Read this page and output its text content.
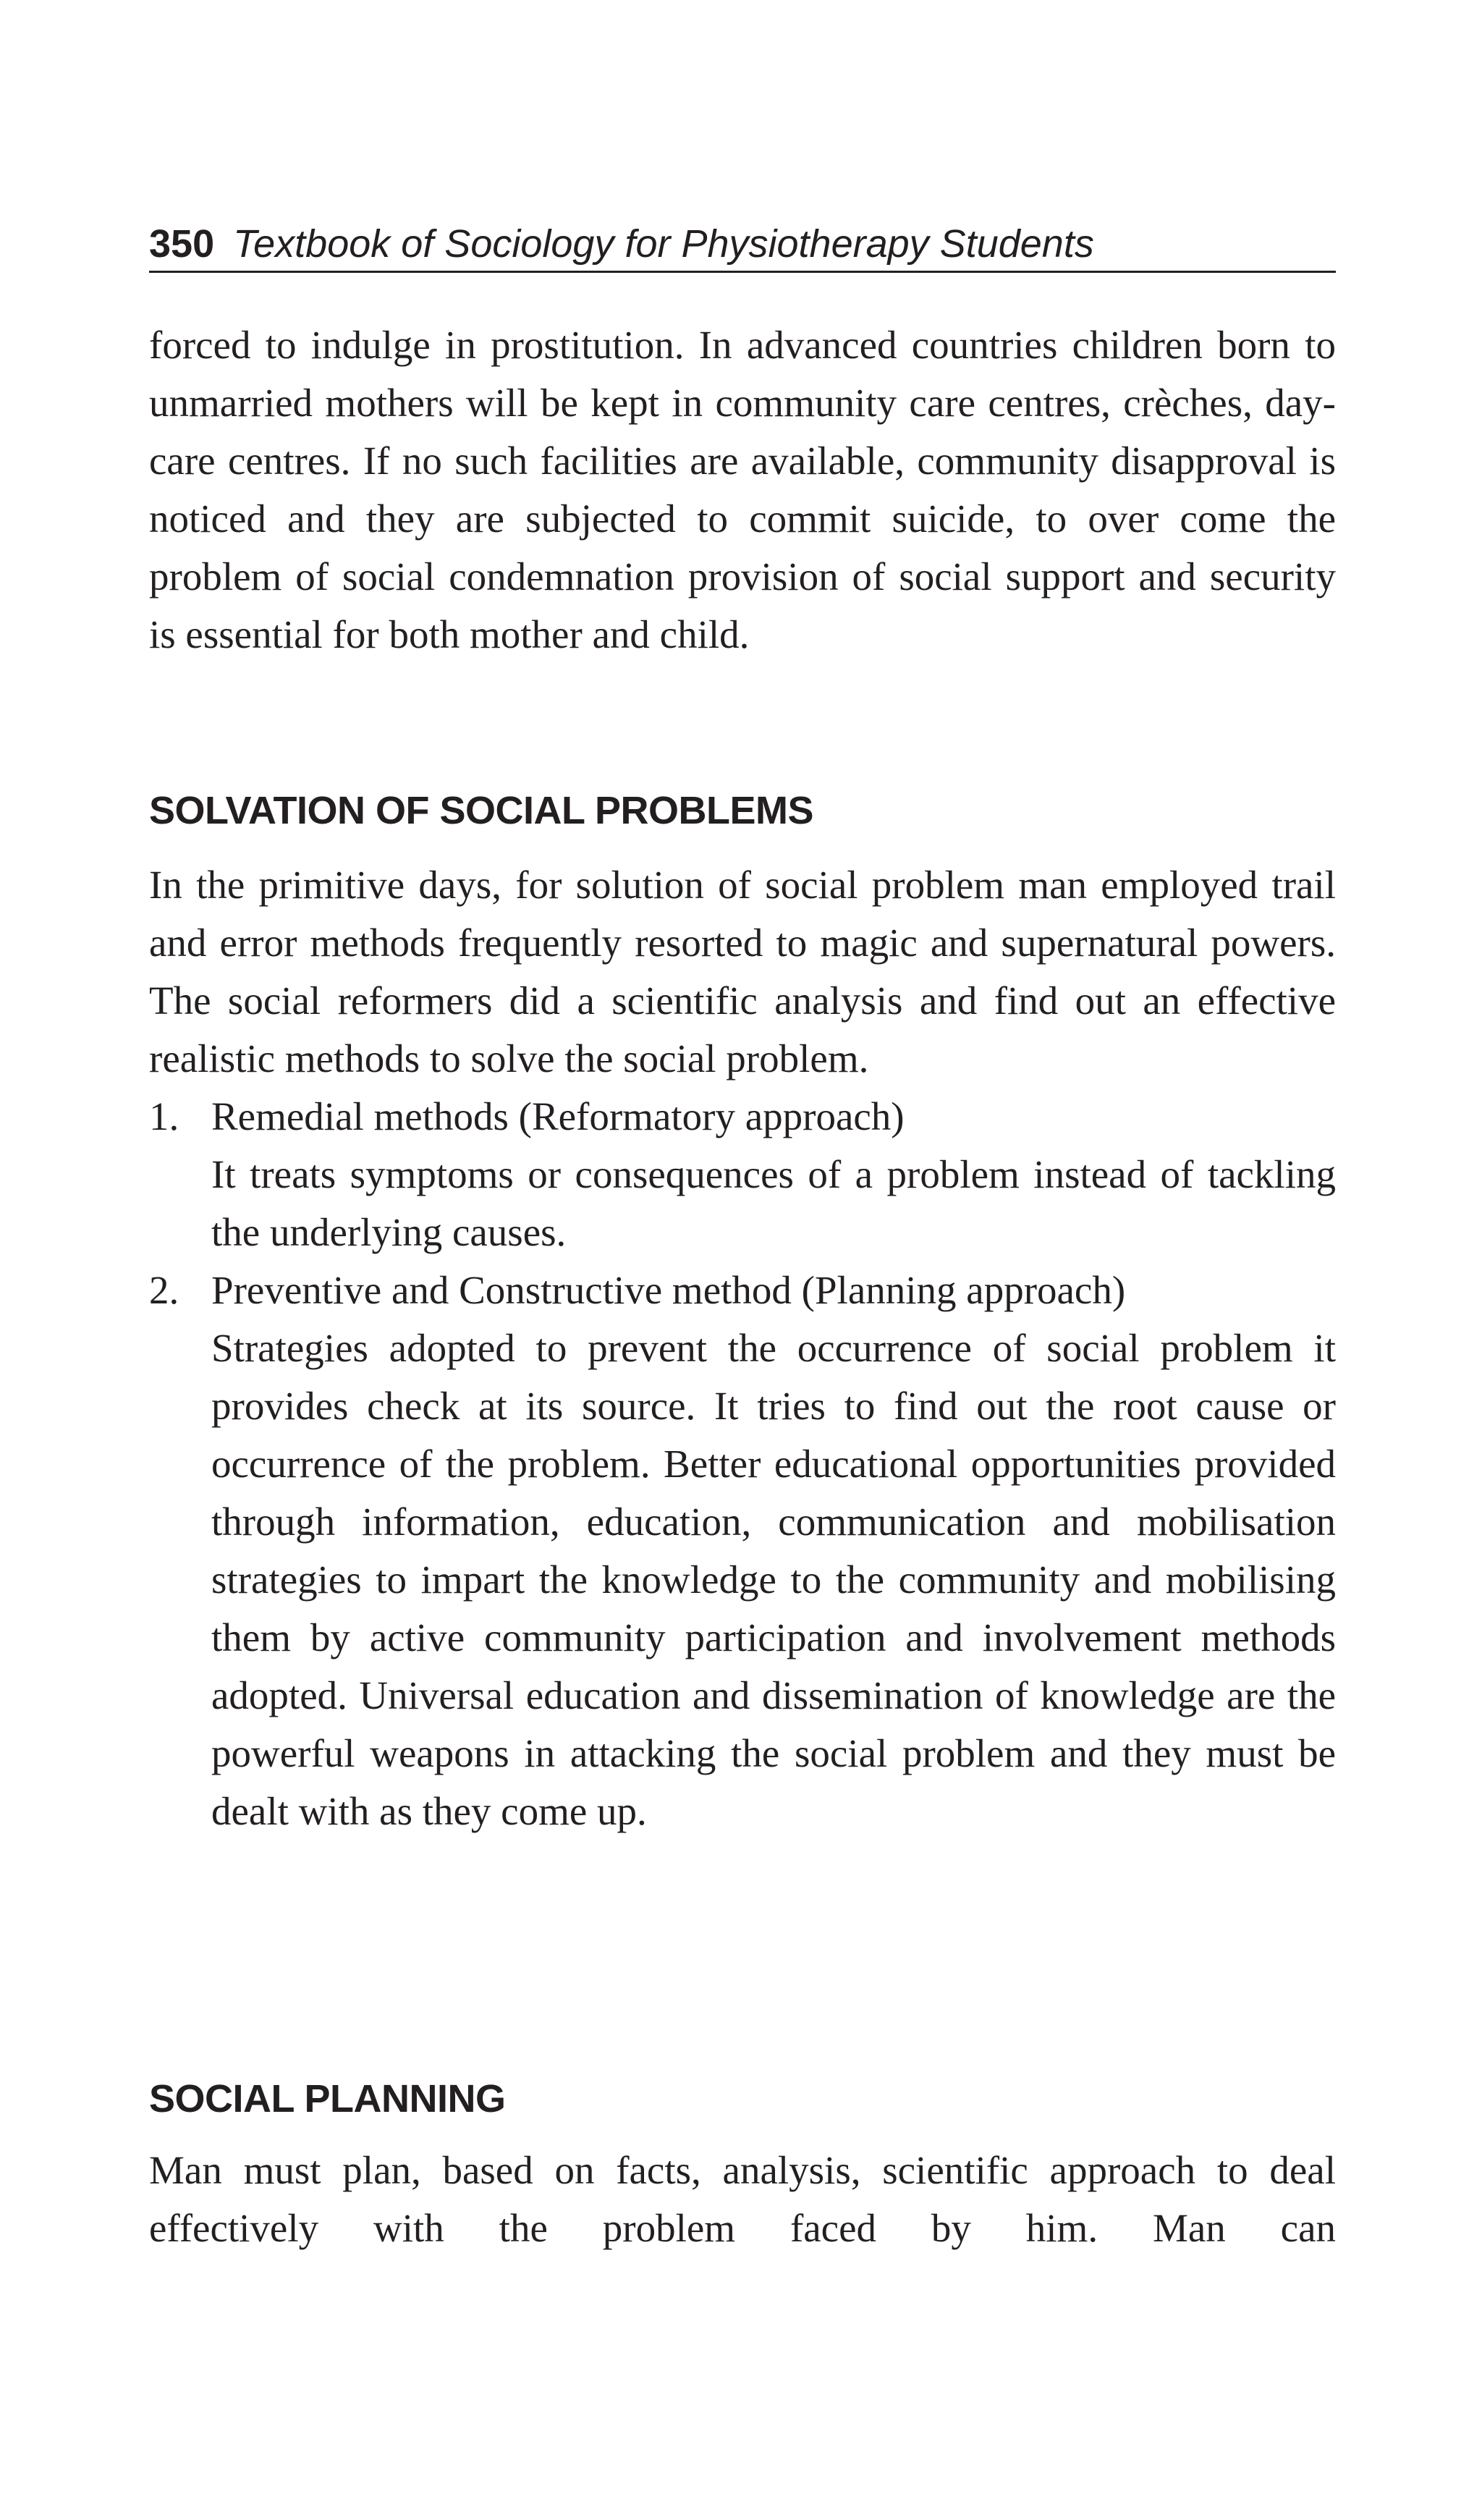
350 Textbook of Sociology for Physiotherapy Students

forced to indulge in prostitution. In advanced countries children born to unmarried mothers will be kept in community care centres, crèches, day-care centres. If no such facilities are available, community disapproval is noticed and they are subjected to commit suicide, to over come the problem of social condemnation provision of social support and security is essential for both mother and child.

SOLVATION OF SOCIAL PROBLEMS

In the primitive days, for solution of social problem man employed trail and error methods frequently resorted to magic and supernatural powers. The social reformers did a scientific analysis and find out an effective realistic methods to solve the social problem.

1. Remedial methods (Reformatory approach)

It treats symptoms or consequences of a problem instead of tackling the underlying causes.

2. Preventive and Constructive method (Planning approach)

Strategies adopted to prevent the occurrence of social problem it provides check at its source. It tries to find out the root cause or occurrence of the problem. Better educational opportunities provided through information, education, communication and mobilisation strategies to impart the knowledge to the community and mobilising them by active community participation and involvement methods adopted. Universal education and dissemination of knowledge are the powerful weapons in attacking the social problem and they must be dealt with as they come up.

SOCIAL PLANNING

Man must plan, based on facts, analysis, scientific approach to deal effectively with the problem faced by him. Man can
